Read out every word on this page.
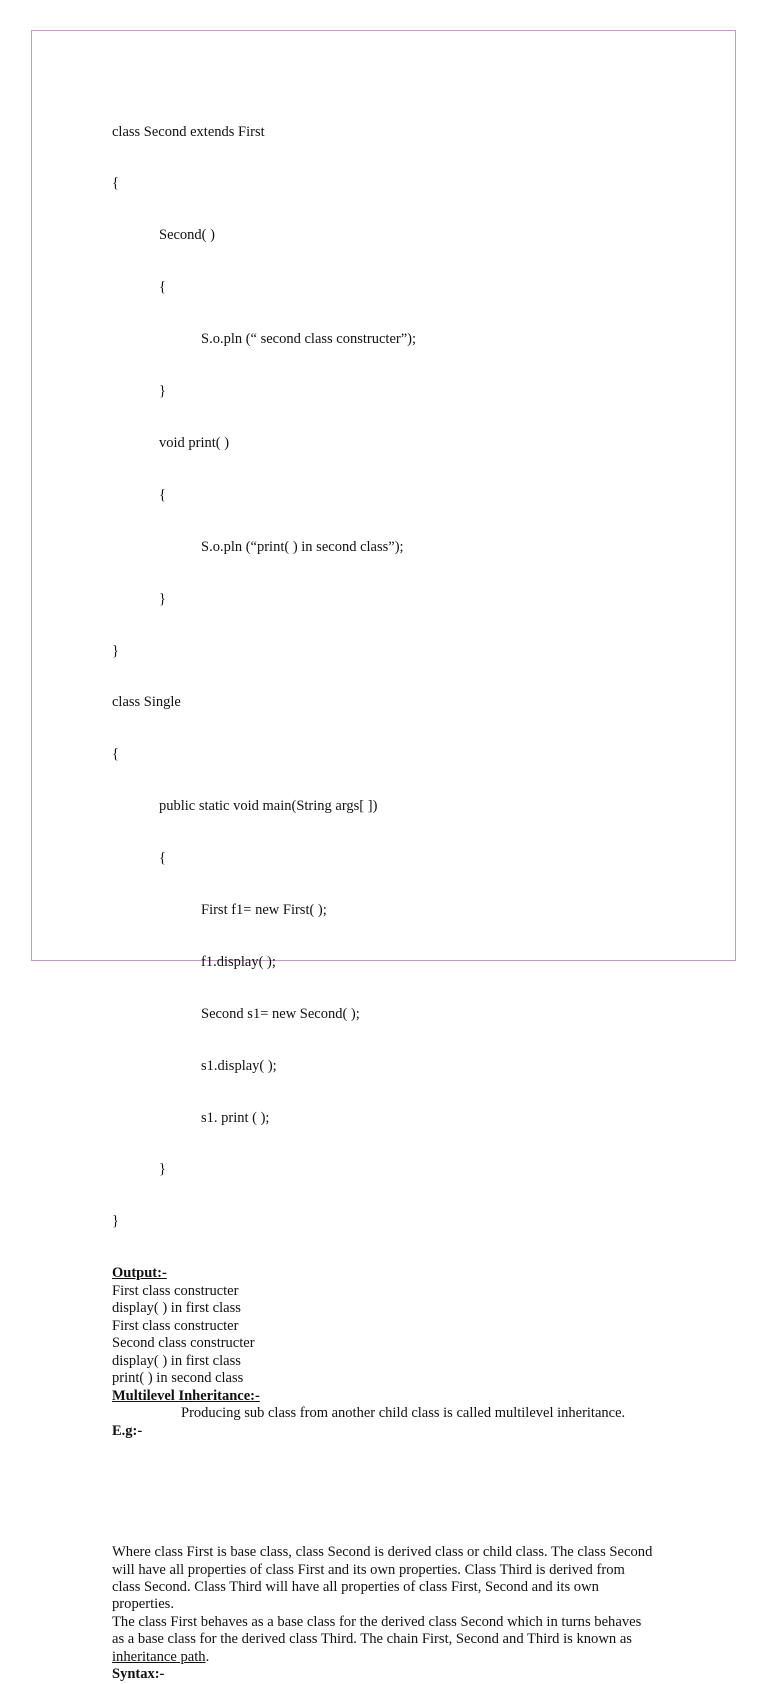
class Second extends First

{

Second( )

{

S.o.pln (“ second class constructer”);

}

void print( )

{

S.o.pln (“print( ) in second class”);

}

}

class Single

{

public static void main(String args[ ])

{

First f1= new First( );

f1.display( );

Second s1= new Second( );

s1.display( );

s1. print ( );

}

}

Output:-
First class constructer
display( ) in first class
First class constructer
Second class constructer
display( ) in first class
print( ) in second class
Multilevel Inheritance:-
Producing sub class from another child class is called multilevel inheritance.
E.g:-

Where class First is base class, class Second is derived class or child class. The class Second will have all properties of class First and its own properties. Class Third is derived from class Second. Class Third will have all properties of class First, Second and its own properties.

The class First behaves as a base class for the derived class Second which in turns behaves as a base class for the derived class Third. The chain First, Second and Third is known as inheritance path.

Syntax:-
